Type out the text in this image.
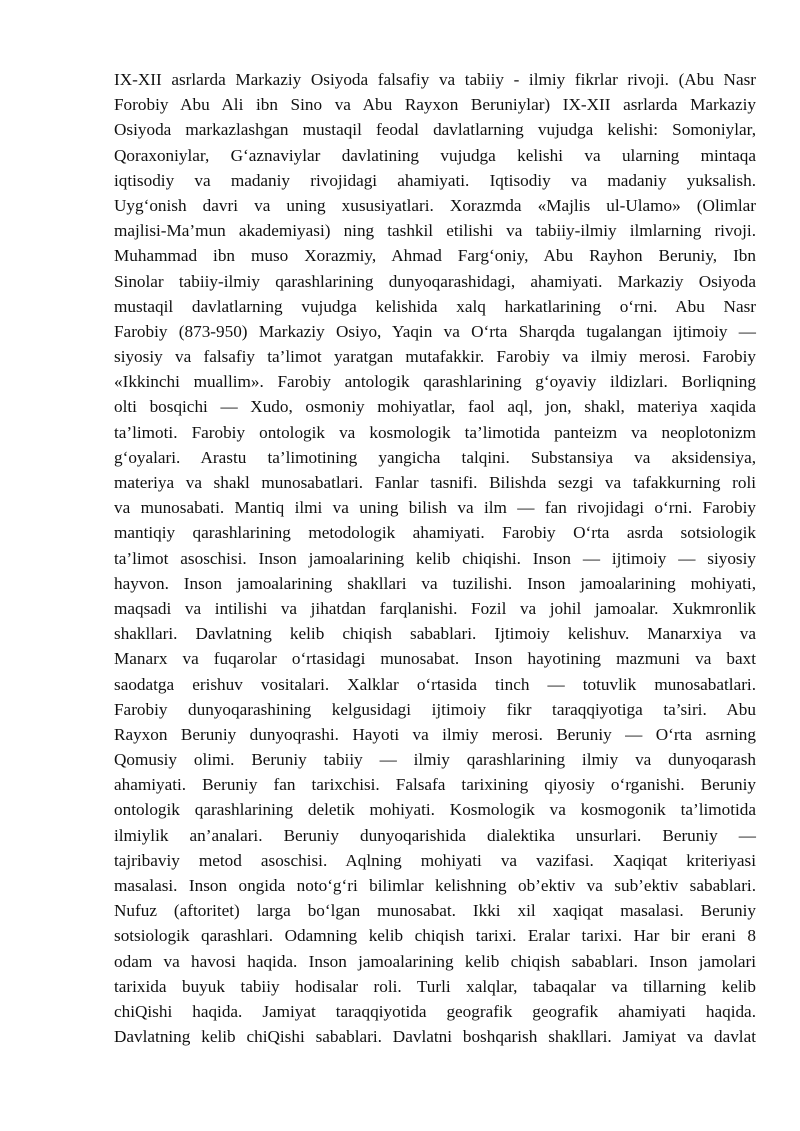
IX-XII asrlarda Markaziy Osiyoda falsafiy va tabiiy - ilmiy fikrlar rivoji. (Abu Nasr
Forobiy Abu Ali ibn Sino va Abu Rayxon Beruniylar) IX-XII asrlarda Markaziy
Osiyoda markazlashgan mustaqil feodal davlatlarning vujudga kelishi: Somoniylar,
Qoraxoniylar, G‘aznaviylar davlatining vujudga kelishi va ularning mintaqa
iqtisodiy va madaniy rivojidagi ahamiyati. Iqtisodiy va madaniy yuksalish.
Uyg‘onish davri va uning xususiyatlari. Xorazmda «Majlis ul-Ulamo» (Olimlar
majlisi-Ma’mun akademiyasi) ning tashkil etilishi va tabiiy-ilmiy ilmlarning rivoji.
Muhammad ibn muso Xorazmiy, Ahmad Farg‘oniy, Abu Rayhon Beruniy, Ibn
Sinolar tabiiy-ilmiy qarashlarining dunyoqarashidagi, ahamiyati. Markaziy Osiyoda
mustaqil davlatlarning vujudga kelishida xalq harkatlarining o‘rni. Abu Nasr
Farobiy (873-950) Markaziy Osiyo, Yaqin va O‘rta Sharqda tugalangan ijtimoiy —
siyosiy va falsafiy ta’limot yaratgan mutafakkir. Farobiy va ilmiy merosi. Farobiy
«Ikkinchi muallim». Farobiy antologik qarashlarining g‘oyaviy ildizlari. Borliqning
olti bosqichi — Xudo, osmoniy mohiyatlar, faol aql, jon, shakl, materiya xaqida
ta’limoti. Farobiy ontologik va kosmologik ta’limotida panteizm va neoplotonizm
g‘oyalari. Arastu ta’limotining yangicha talqini. Substansiya va aksidensiya,
materiya va shakl munosabatlari. Fanlar tasnifi. Bilishda sezgi va tafakkurning roli
va munosabati. Mantiq ilmi va uning bilish va ilm — fan rivojidagi o‘rni. Farobiy
mantiqiy qarashlarining metodologik ahamiyati. Farobiy O‘rta asrda sotsiologik
ta’limot asoschisi. Inson jamoalarining kelib chiqishi. Inson — ijtimoiy — siyosiy
hayvon. Inson jamoalarining shakllari va tuzilishi. Inson jamoalarining mohiyati,
maqsadi va intilishi va jihatdan farqlanishi. Fozil va johil jamoalar. Xukmronlik
shakllari. Davlatning kelib chiqish sabablari. Ijtimoiy kelishuv. Manarxiya va
Manarx va fuqarolar o‘rtasidagi munosabat. Inson hayotining mazmuni va baxt
saodatga erishuv vositalari. Xalklar o‘rtasida tinch — totuvlik munosabatlari.
Farobiy dunyoqarashining kelgusidagi ijtimoiy fikr taraqqiyotiga ta’siri. Abu
Rayxon Beruniy dunyoqrashi. Hayoti va ilmiy merosi. Beruniy — O‘rta asrning
Qomusiy olimi. Beruniy tabiiy — ilmiy qarashlarining ilmiy va dunyoqarash
ahamiyati. Beruniy fan tarixchisi. Falsafa tarixining qiyosiy o‘rganishi. Beruniy
ontologik qarashlarining deletik mohiyati. Kosmologik va kosmogonik ta’limotida
ilmiylik an’analari. Beruniy dunyoqarishida dialektika unsurlari. Beruniy —
tajribaviy metod asoschisi. Aqlning mohiyati va vazifasi. Xaqiqat kriteriyasi
masalasi. Inson ongida noto‘g‘ri bilimlar kelishning ob’ektiv va sub’ektiv sabablari.
Nufuz (aftoritet) larga bo‘lgan munosabat. Ikki xil xaqiqat masalasi. Beruniy
sotsiologik qarashlari. Odamning kelib chiqish tarixi. Eralar tarixi. Har bir erani 8
odam va havosi haqida. Inson jamoalarining kelib chiqish sabablari. Inson jamolari
tarixida buyuk tabiiy hodisalar roli. Turli xalqlar, tabaqalar va tillarning kelib
chiQishi haqida. Jamiyat taraqqiyotida geografik geografik ahamiyati haqida.
Davlatning kelib chiQishi sabablari. Davlatni boshqarish shakllari. Jamiyat va davlat
